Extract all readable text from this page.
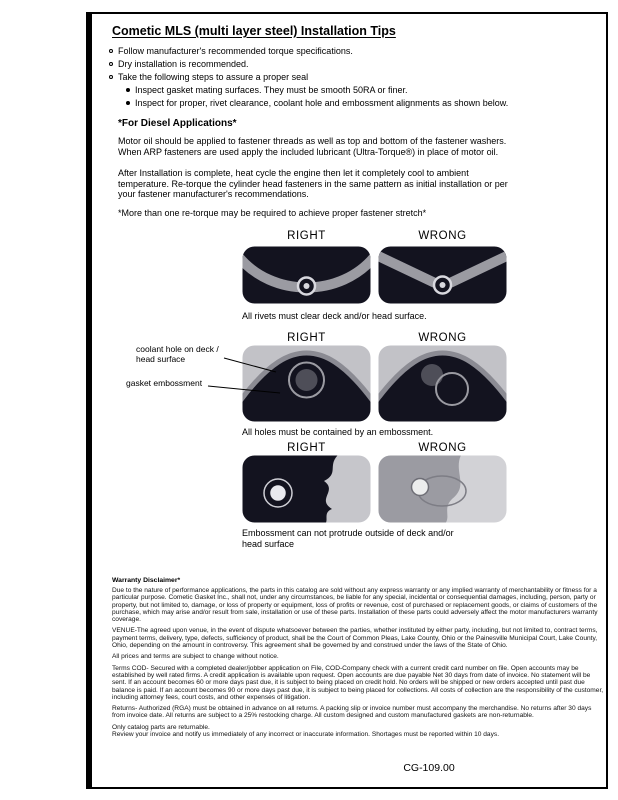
Cometic MLS (multi layer steel) Installation Tips
Follow manufacturer's recommended torque specifications.
Dry installation is recommended.
Take the following steps to assure a proper seal
Inspect gasket mating surfaces. They must be smooth 50RA or finer.
Inspect for proper, rivet clearance, coolant hole and embossment alignments as shown below.
*For Diesel Applications*
Motor oil should be applied to fastener threads as well as top and bottom of the fastener washers. When ARP fasteners are used apply the included lubricant (Ultra-Torque®) in place of motor oil.
After Installation is complete, heat cycle the engine then let it completely cool to ambient temperature. Re-torque the cylinder head fasteners in the same pattern as initial installation or per your fastener manufacturer's recommendations.
*More than one re-torque may be required to achieve proper fastener stretch*
RIGHT	WRONG
All rivets must clear deck and/or head surface.
RIGHT	WRONG
coolant hole on deck / head surface
gasket embossment
All holes must be contained by an embossment.
RIGHT	WRONG
Embossment can not protrude outside of deck and/or head surface
Warranty Disclaimer*
Due to the nature of performance applications, the parts in this catalog are sold without any express warranty or any implied warranty of merchantability or fitness for a particular purpose. Cometic Gasket Inc., shall not, under any circumstances, be liable for any special, incidental or consequential damages, including, person, party or property, but not limited to, damage, or loss of property or equipment, loss of profits or revenue, cost of purchased or replacement goods, or claims of customers of the purchase, which may arise and/or result from sale, installation or use of these parts. Installation of these parts could adversely affect the motor manufacturers warranty coverage.
VENUE-The agreed upon venue, in the event of dispute whatsoever between the parties, whether instituted by either party, including, but not limited to, contract terms, payment terms, delivery, type, defects, sufficiency of product, shall be the Court of Common Pleas, Lake County, Ohio or the Painesville Municipal Court, Lake County, Ohio, depending on the amount in controversy. This agreement shall be governed by and construed under the laws of the State of Ohio.
All prices and terms are subject to change without notice.
Terms COD- Secured with a completed dealer/jobber application on File, COD-Company check with a current credit card number on file. Open accounts may be established by well rated firms. A credit application is available upon request. Open accounts are due payable Net 30 days from date of invoice. No statement will be sent. If an account becomes 60 or more days past due, it is subject to being placed on credit hold. No orders will be shipped or new orders accepted until past due balance is paid. If an account becomes 90 or more days past due, it is subject to being placed for collections. All costs of collection are the responsibility of the customer, including attorney fees, court costs, and other expenses of litigation.
Returns- Authorized (RGA) must be obtained in advance on all returns. A packing slip or invoice number must accompany the merchandise. No returns after 30 days from invoice date. All returns are subject to a 25% restocking charge. All custom designed and custom manufactured gaskets are non-returnable.
Only catalog parts are returnable.
Review your invoice and notify us immediately of any incorrect or inaccurate information. Shortages must be reported within 10 days.
CG-109.00
